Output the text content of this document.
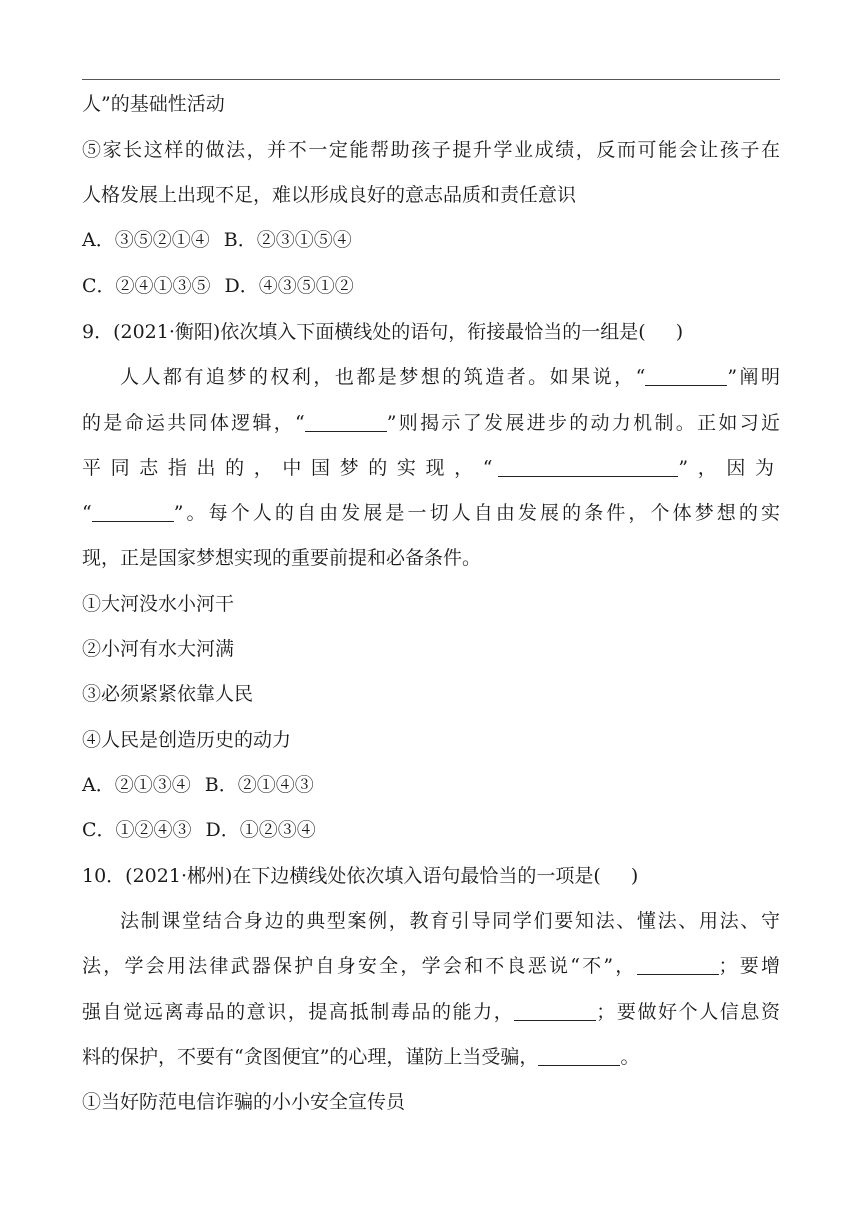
人”的基础性活动
⑤家长这样的做法，并不一定能帮助孩子提升学业成绩，反而可能会让孩子在
人格发展上出现不足，难以形成良好的意志品质和责任意识
A．③⑤②①④ B．②③①⑤④
C．②④①③⑤ D．④③⑤①②
9．(2021·衡阳)依次填入下面横线处的语句，衔接最恰当的一组是( )
人人都有追梦的权利，也都是梦想的筑造者。如果说，“	”阐明
的是命运共同体逻辑，“	”则揭示了发展进步的动力机制。正如习近
平同志指出的，中国梦的实现，“	”，因为
“	”。每个人的自由发展是一切人自由发展的条件，个体梦想的实
现，正是国家梦想实现的重要前提和必备条件。
①大河没水小河干
②小河有水大河满
③必须紧紧依靠人民
④人民是创造历史的动力
A．②①③④ B．②①④③
C．①②④③ D．①②③④
10．(2021·郴州)在下边横线处依次填入语句最恰当的一项是( )
法制课堂结合身边的典型案例，教育引导同学们要知法、懂法、用法、守
法，学会用法律武器保护自身安全，学会和不良恶说“不”，	；要增
强自觉远离毒品的意识，提高抵制毒品的能力，	；要做好个人信息资
料的保护，不要有“贪图便宜”的心理，谨防上当受骗，	。
①当好防范电信诈骗的小小安全宣传员
